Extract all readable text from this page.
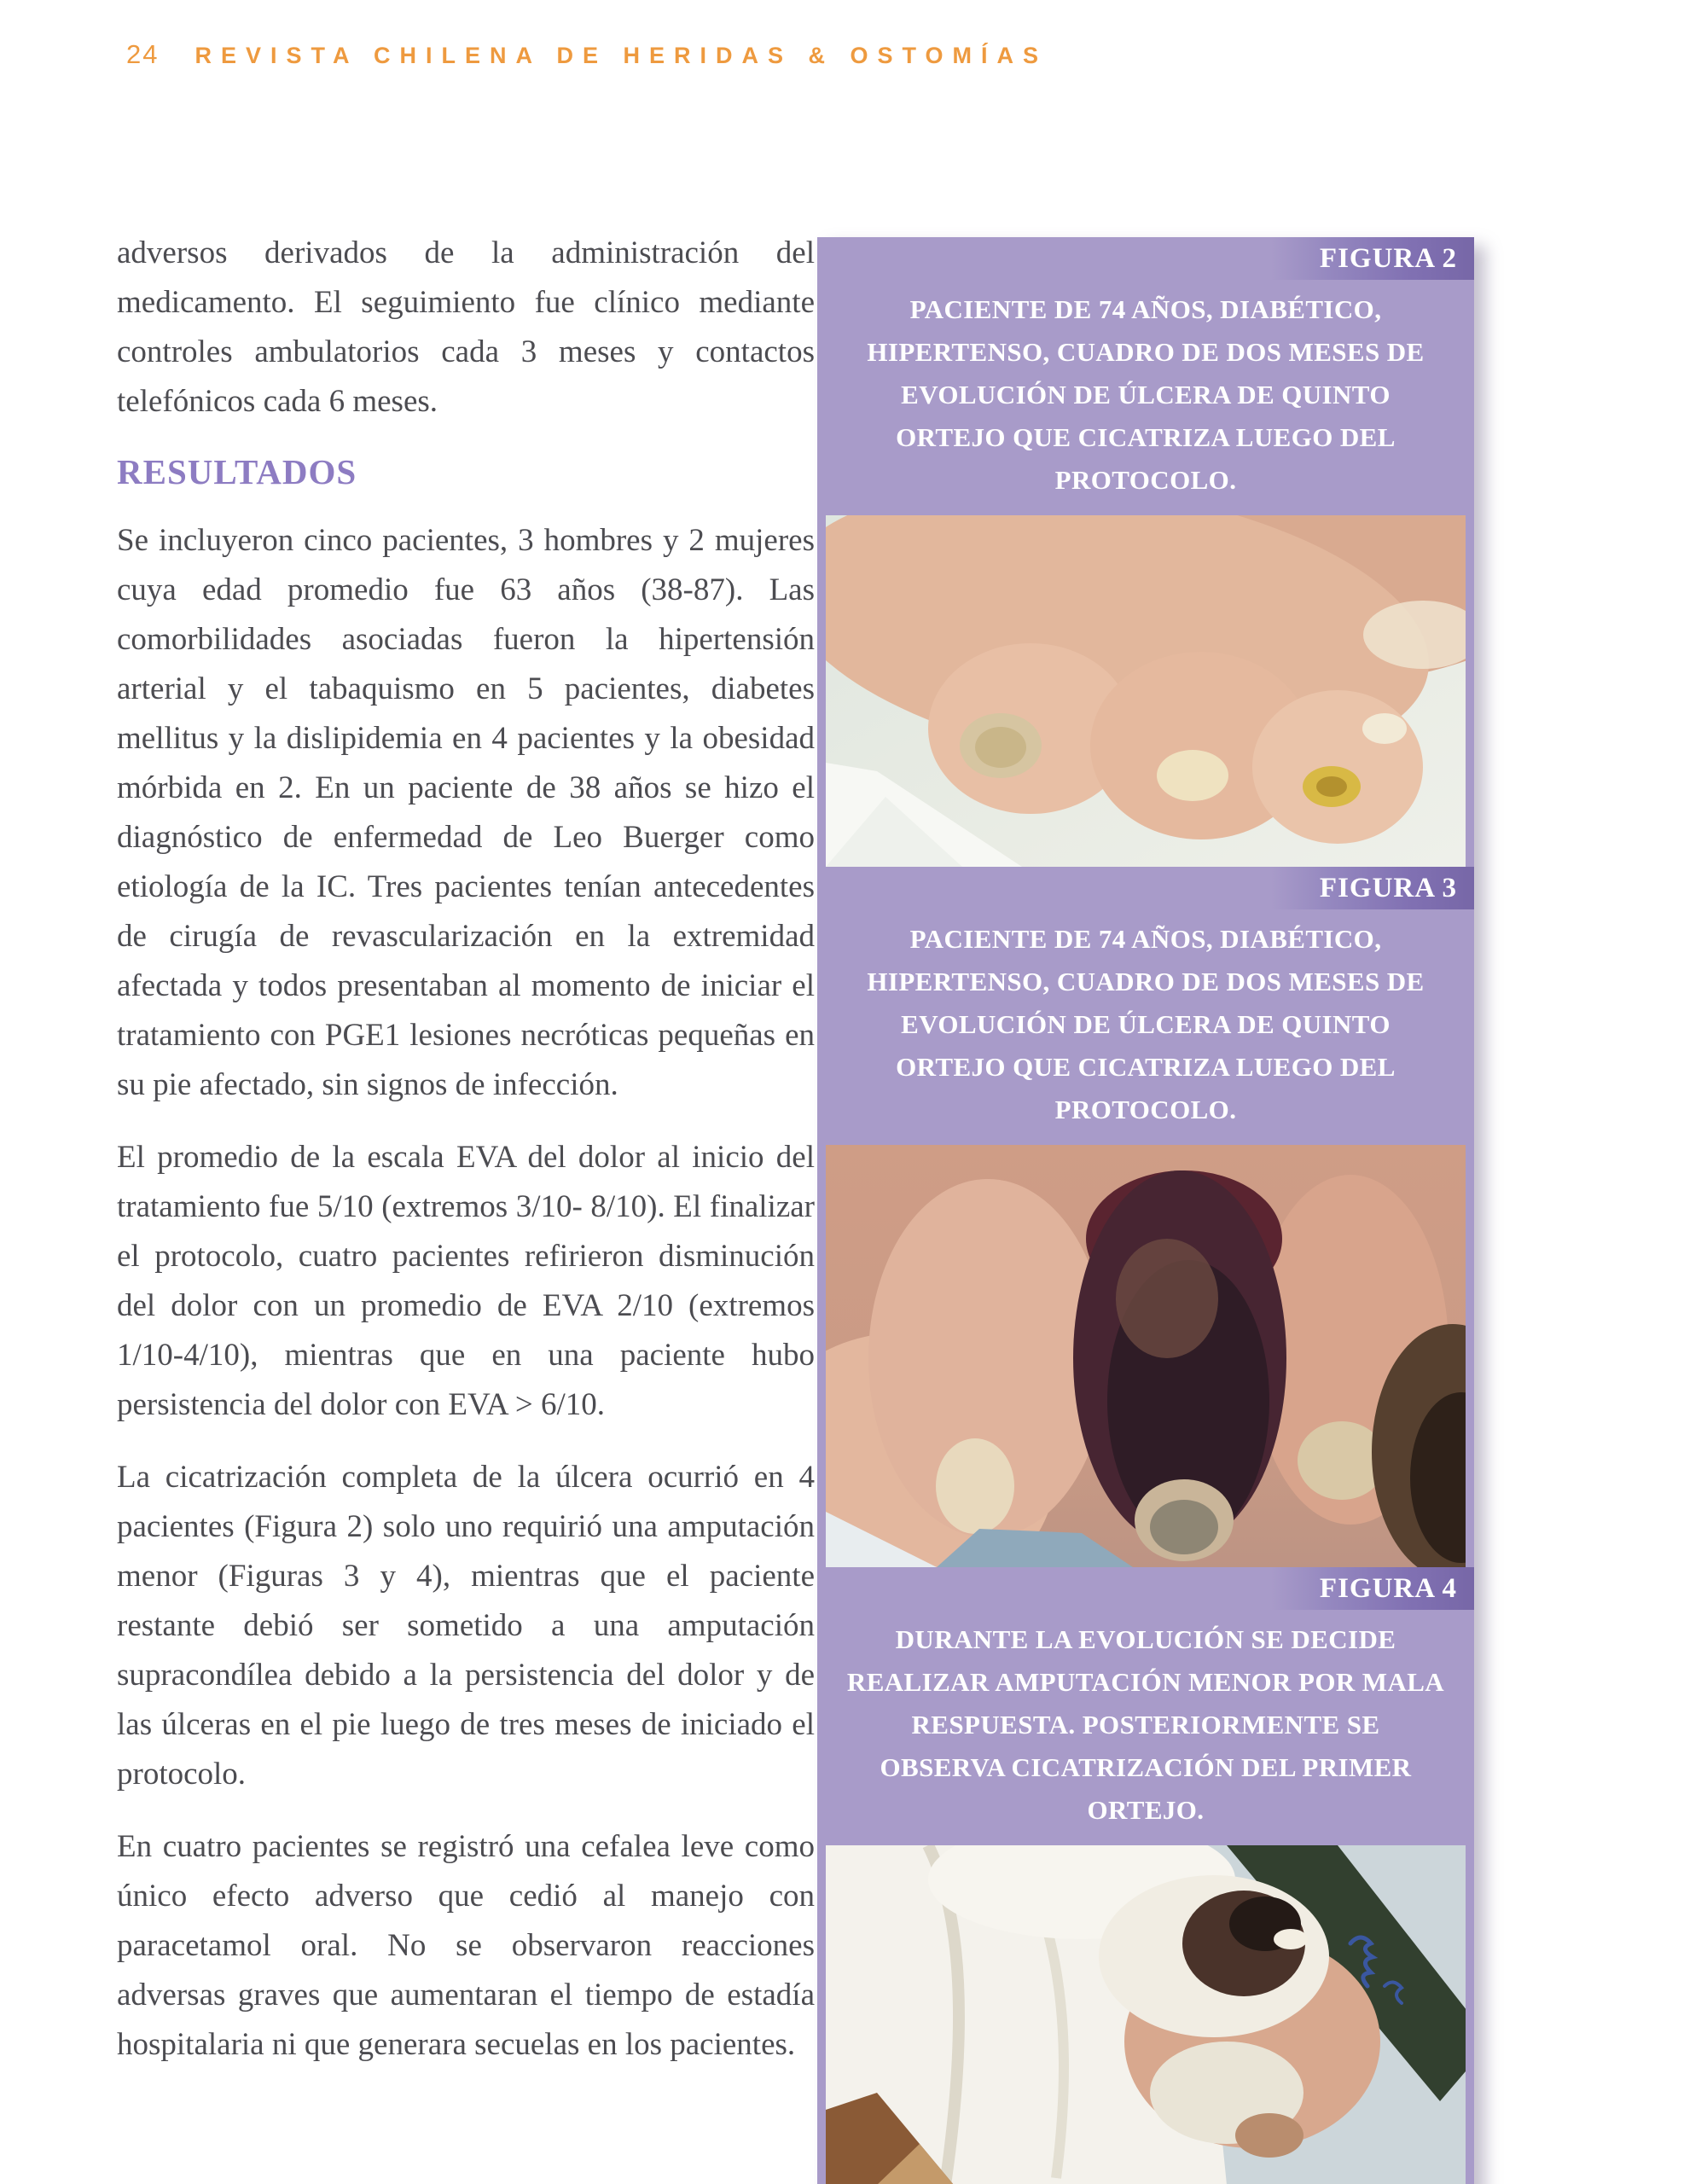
24 REVISTA CHILENA DE HERIDAS & OSTOMÍAS

adversos derivados de la administración del medicamento. El seguimiento fue clínico mediante controles ambulatorios cada 3 meses y contactos telefónicos cada 6 meses.

RESULTADOS

Se incluyeron cinco pacientes, 3 hombres y 2 mujeres cuya edad promedio fue 63 años (38-87). Las comorbilidades asociadas fueron la hipertensión arterial y el tabaquismo en 5 pacientes, diabetes mellitus y la dislipidemia en 4 pacientes y la obesidad mórbida en 2. En un paciente de 38 años se hizo el diagnóstico de enfermedad de Leo Buerger como etiología de la IC. Tres pacientes tenían antecedentes de cirugía de revascularización en la extremidad afectada y todos presentaban al momento de iniciar el tratamiento con PGE1 lesiones necróticas pequeñas en su pie afectado, sin signos de infección.

El promedio de la escala EVA del dolor al inicio del tratamiento fue 5/10 (extremos 3/10- 8/10). El finalizar el protocolo, cuatro pacientes refirieron disminución del dolor con un promedio de EVA 2/10 (extremos 1/10-4/10), mientras que en una paciente hubo persistencia del dolor con EVA > 6/10.

La cicatrización completa de la úlcera ocurrió en 4 pacientes (Figura 2) solo uno requirió una amputación menor (Figuras 3 y 4), mientras que el paciente restante debió ser sometido a una amputación supracondílea debido a la persistencia del dolor y de las úlceras en el pie luego de tres meses de iniciado el protocolo.

En cuatro pacientes se registró una cefalea leve como único efecto adverso que cedió al manejo con paracetamol oral. No se observaron reacciones adversas graves que aumentaran el tiempo de estadía hospitalaria ni que generara secuelas en los pacientes.

FIGURA 2

PACIENTE DE 74 AÑOS, DIABÉTICO, HIPERTENSO, CUADRO DE DOS MESES DE EVOLUCIÓN DE ÚLCERA DE QUINTO ORTEJO QUE CICATRIZA LUEGO DEL PROTOCOLO.

FIGURA 3

PACIENTE DE 74 AÑOS, DIABÉTICO, HIPERTENSO, CUADRO DE DOS MESES DE EVOLUCIÓN DE ÚLCERA DE QUINTO ORTEJO QUE CICATRIZA LUEGO DEL PROTOCOLO.

FIGURA 4

DURANTE LA EVOLUCIÓN SE DECIDE REALIZAR AMPUTACIÓN MENOR POR MALA RESPUESTA. POSTERIORMENTE SE OBSERVA CICATRIZACIÓN DEL PRIMER ORTEJO.
